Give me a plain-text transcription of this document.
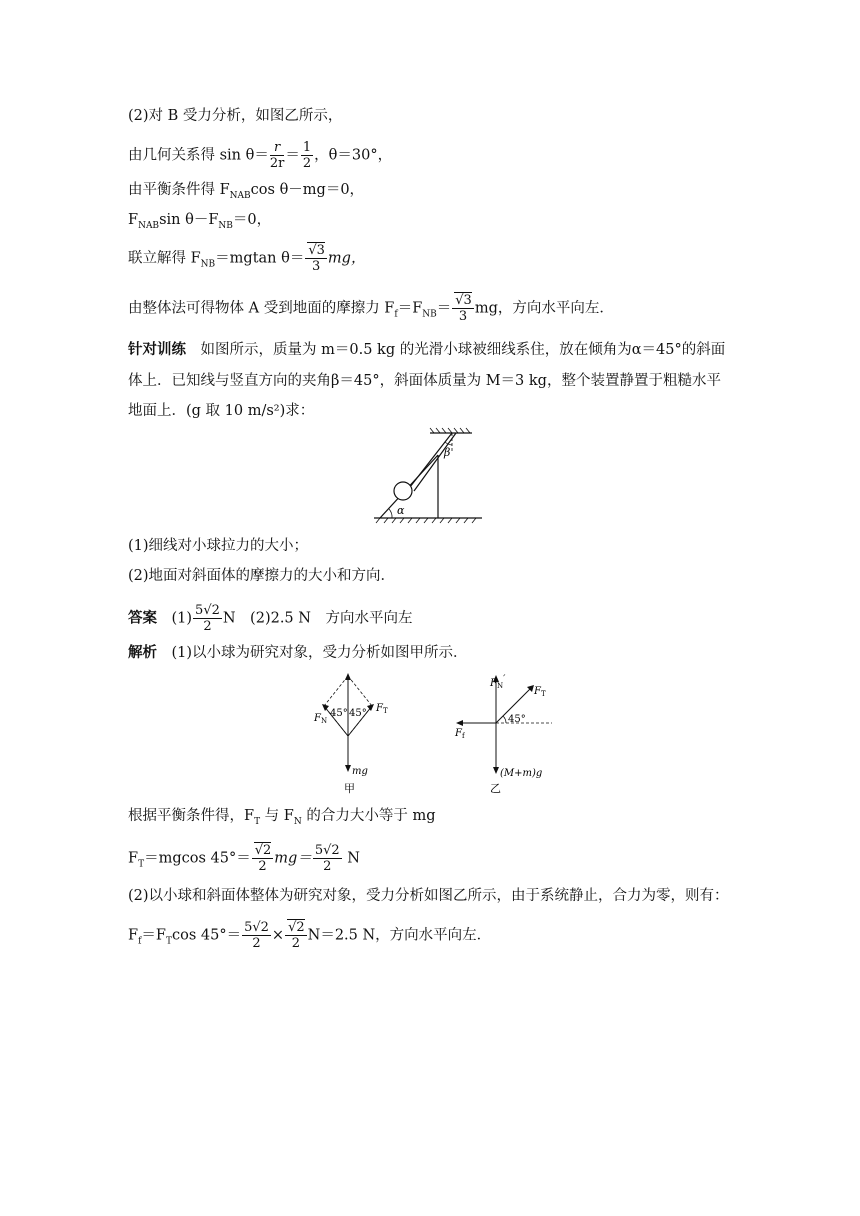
(2)对 B 受力分析，如图乙所示，
由几何关系得 $\sin \theta= \frac{r}{2r} = \frac{1}{2}$ ，θ＝30°，
由平衡条件得 $F_{NAB}\cos$ θ－mg＝0，
$F_{NAB}\sin$ $\theta-F_{NB}=0$，
联立解得 $F_{NB}=mgtan$ $\theta= \frac{√3}{3}$ mg，
由整体法可得物体 A 受到地面的摩擦力 $F_f=F_{NB}= \frac{√3}{3}$ mg，方向水平向左．
针对训练　 如图所示，质量为 m＝0.5 kg 的光滑小球被细线系住，放在倾角为α＝45°的斜面
体上．已知线与竖直方向的夹角β＝45°，斜面体质量为 M＝3 kg，整个装置静置于粗糙水平
地面上．(g 取 10 m/s²)求：
α
β
(1)细线对小球拉力的大小；
(2)地面对斜面体的摩擦力的大小和方向．
答案　 $(1) \frac{5√2}{2}$ N　(2)2.5 N　方向水平向左
解析　 (1)以小球为研究对象，受力分析如图甲所示．
$F_N$
$F_T$
45° 45°
mg
甲
$F_N'$
$F_T$
$F_f$
45°
(M+m)g
乙
根据平衡条件得，$F_T$ 与 $F_N$ 的合力大小等于 mg
$F_T=mgcos$ $45^\circ= \frac{√2}{2} mg= \frac{5√2}{2}$ N
(2)以小球和斜面体整体为研究对象，受力分析如图乙所示，由于系统静止，合力为零，则有：
$F_f=F_T\cos$ $45^\circ= \frac{5√2}{2} \times \frac{√2}{2} N=2.5$ N，方向水平向左．
